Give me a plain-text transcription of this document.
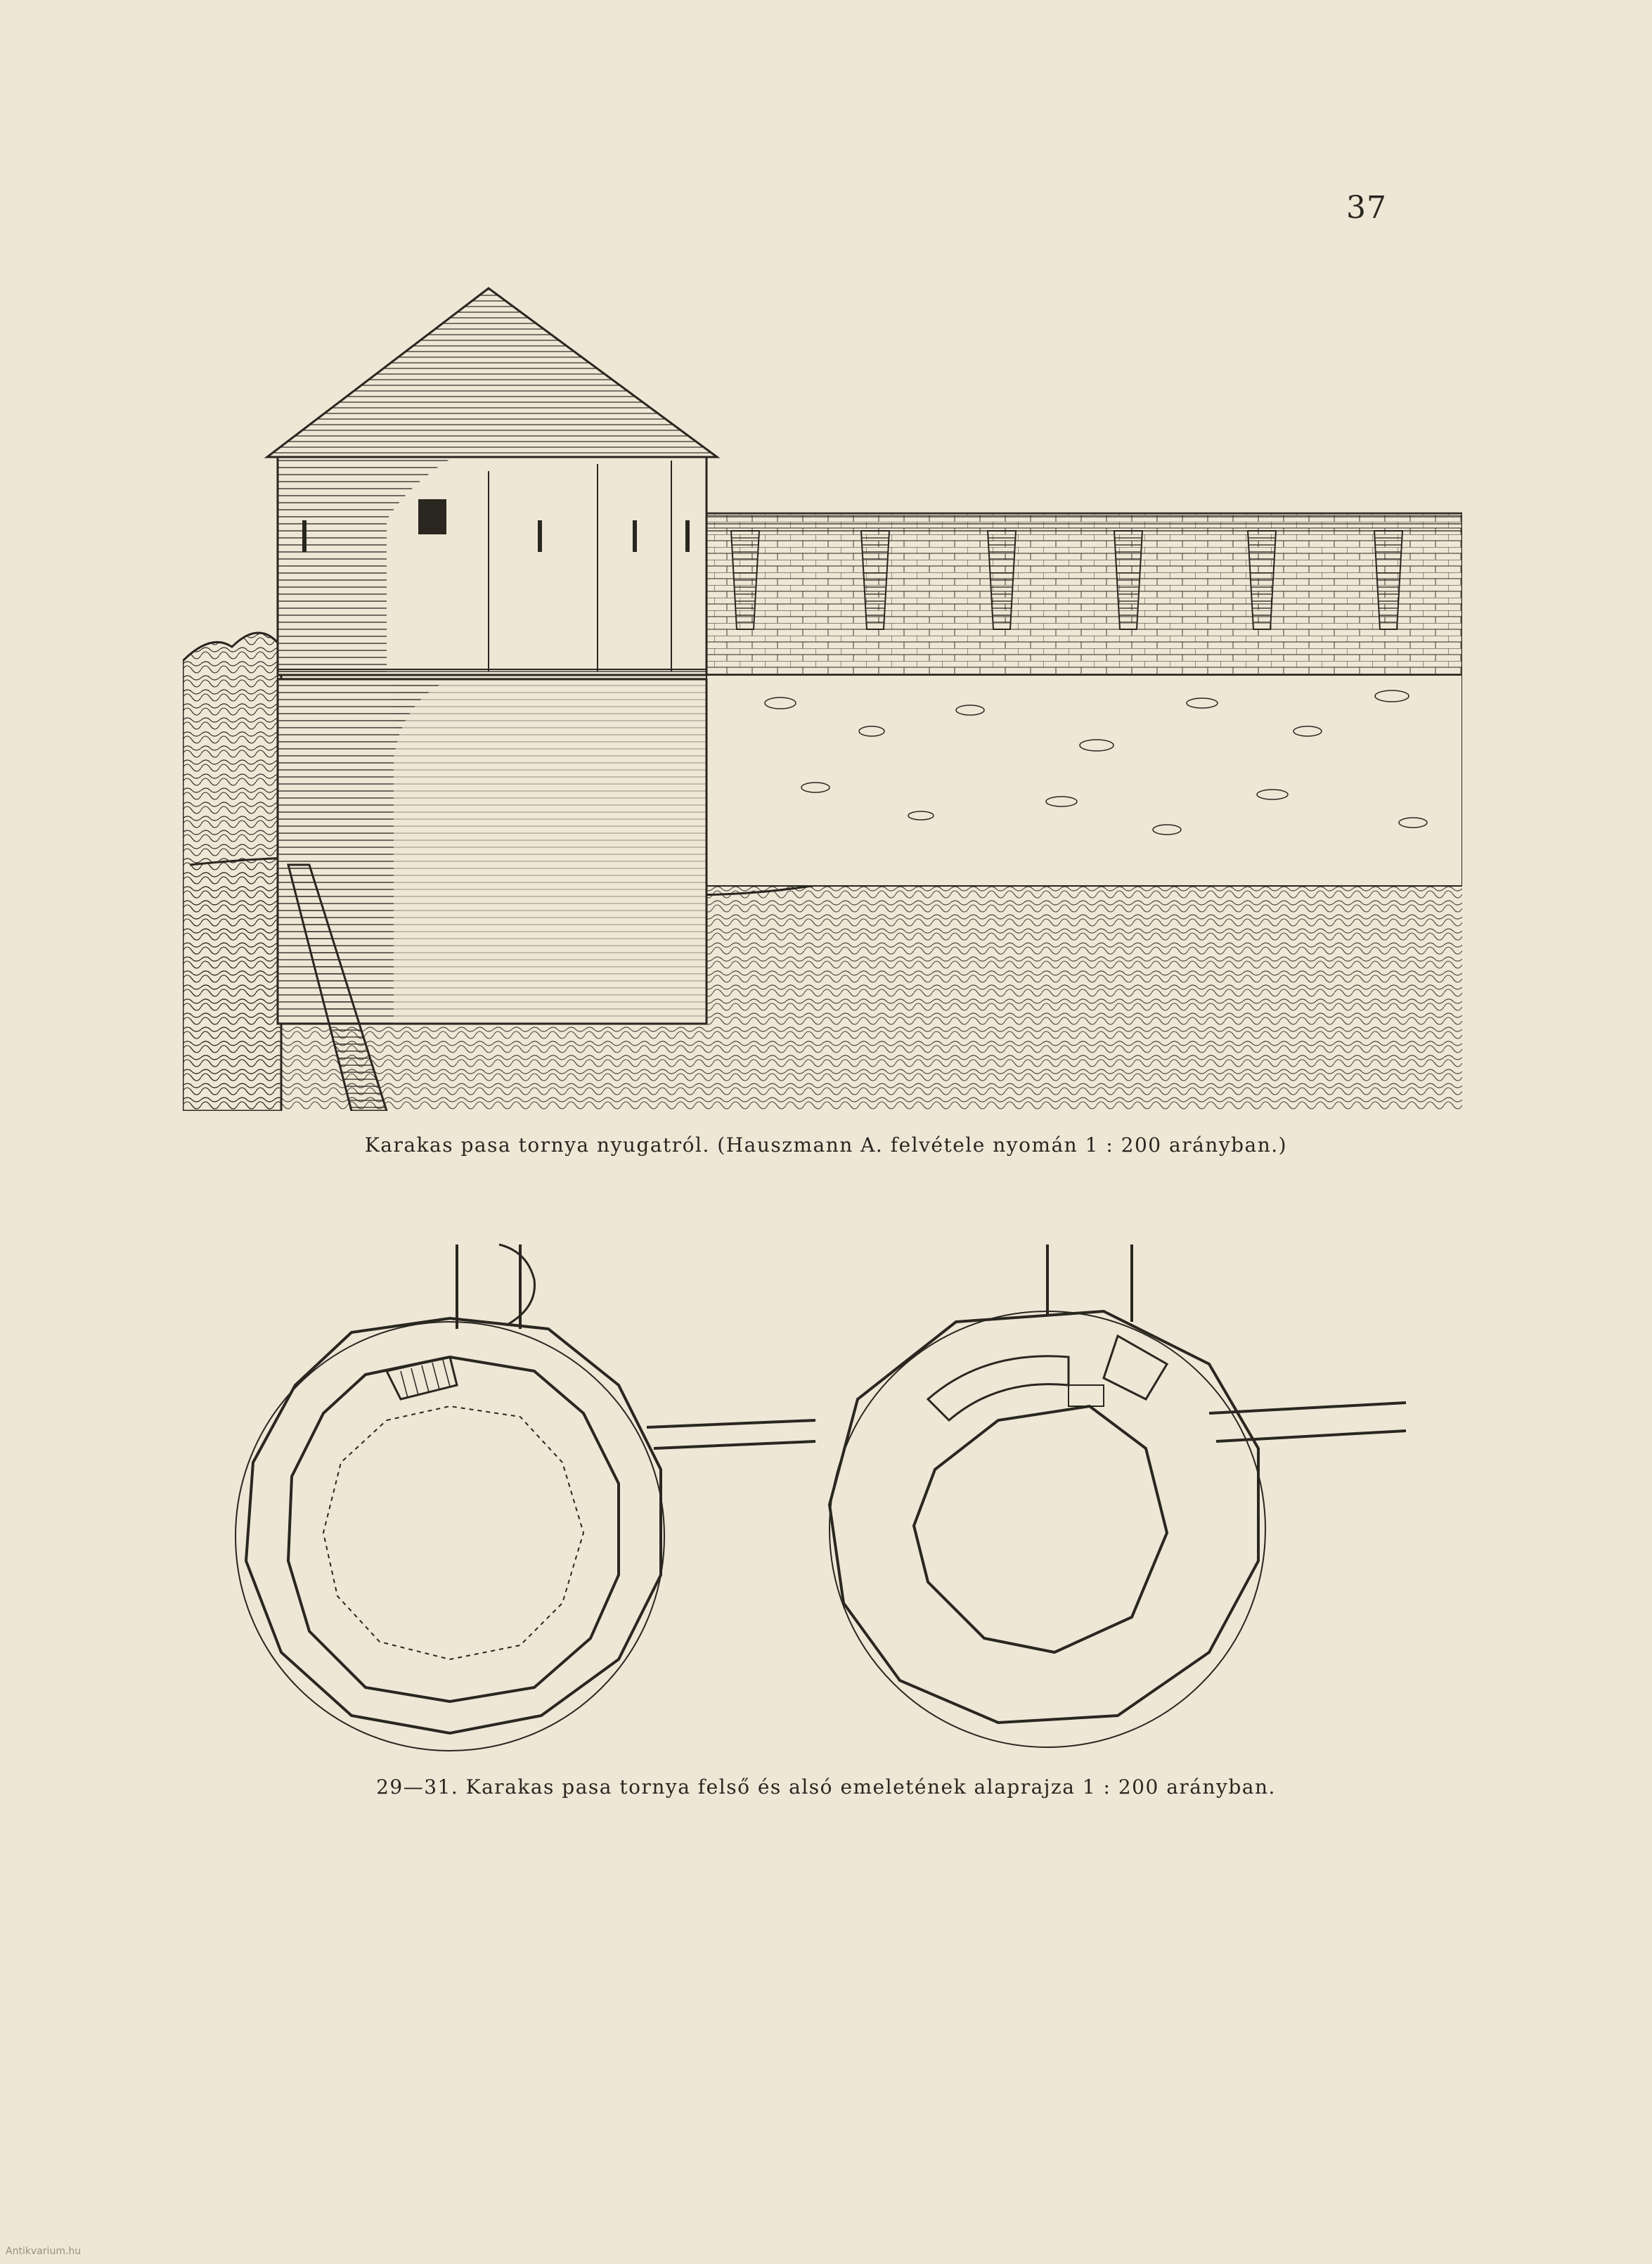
37
Karakas pasa tornya nyugatról. (Hauszmann A. felvétele nyomán 1 : 200 arányban.)
29—31. Karakas pasa tornya felső és alsó emeletének alaprajza 1 : 200 arányban.
Antikvarium.hu
